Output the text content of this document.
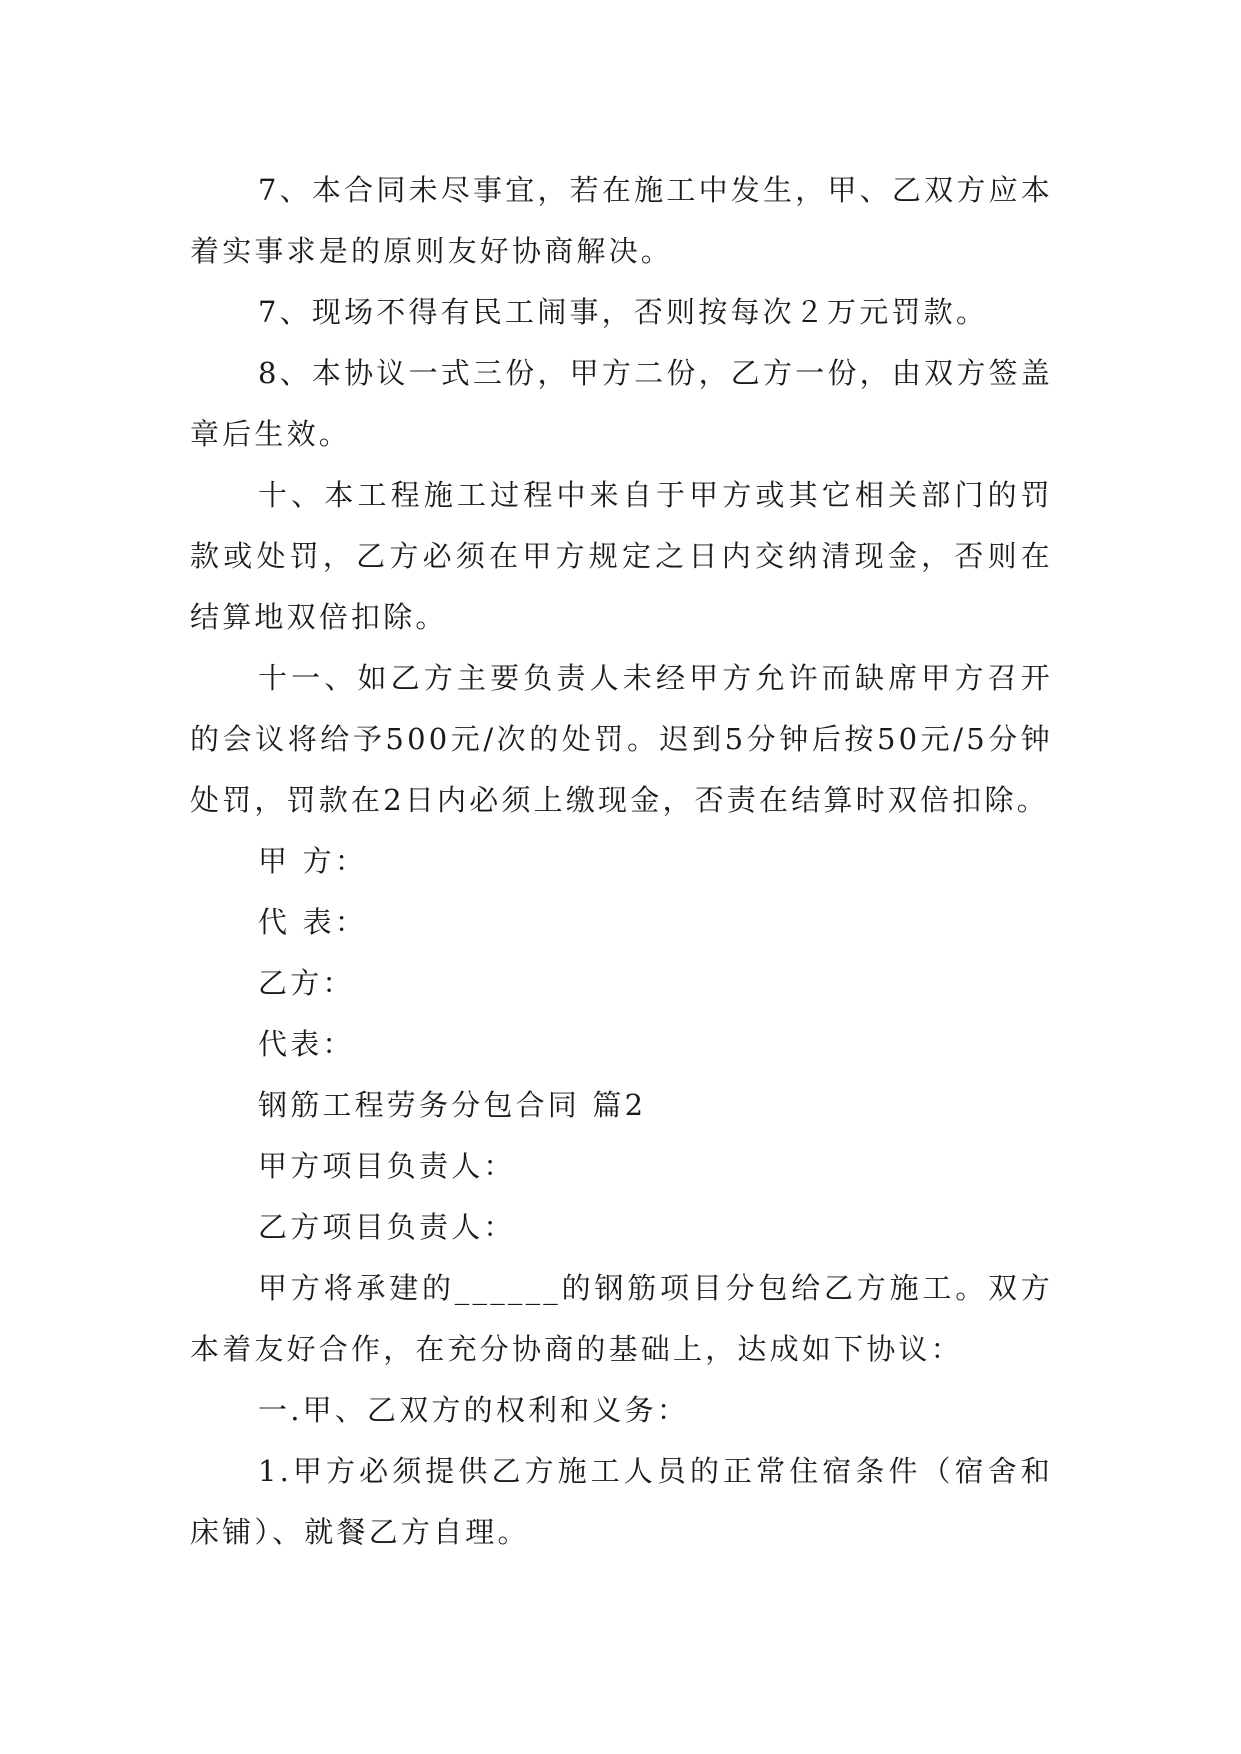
7、本合同未尽事宜，若在施工中发生，甲、乙双方应本着实事求是的原则友好协商解决。

7、现场不得有民工闹事，否则按每次２万元罚款。

8、本协议一式三份，甲方二份，乙方一份，由双方签盖章后生效。

十、本工程施工过程中来自于甲方或其它相关部门的罚款或处罚，乙方必须在甲方规定之日内交纳清现金，否则在结算地双倍扣除。

十一、如乙方主要负责人未经甲方允许而缺席甲方召开的会议将给予500元/次的处罚。迟到5分钟后按50元/5分钟处罚，罚款在2日内必须上缴现金，否责在结算时双倍扣除。

甲 方：

代 表：

乙方：

代表：

钢筋工程劳务分包合同 篇2

甲方项目负责人：

乙方项目负责人：

甲方将承建的______的钢筋项目分包给乙方施工。双方本着友好合作，在充分协商的基础上，达成如下协议：

一.甲、乙双方的权利和义务：

1.甲方必须提供乙方施工人员的正常住宿条件（宿舍和床铺）、就餐乙方自理。
